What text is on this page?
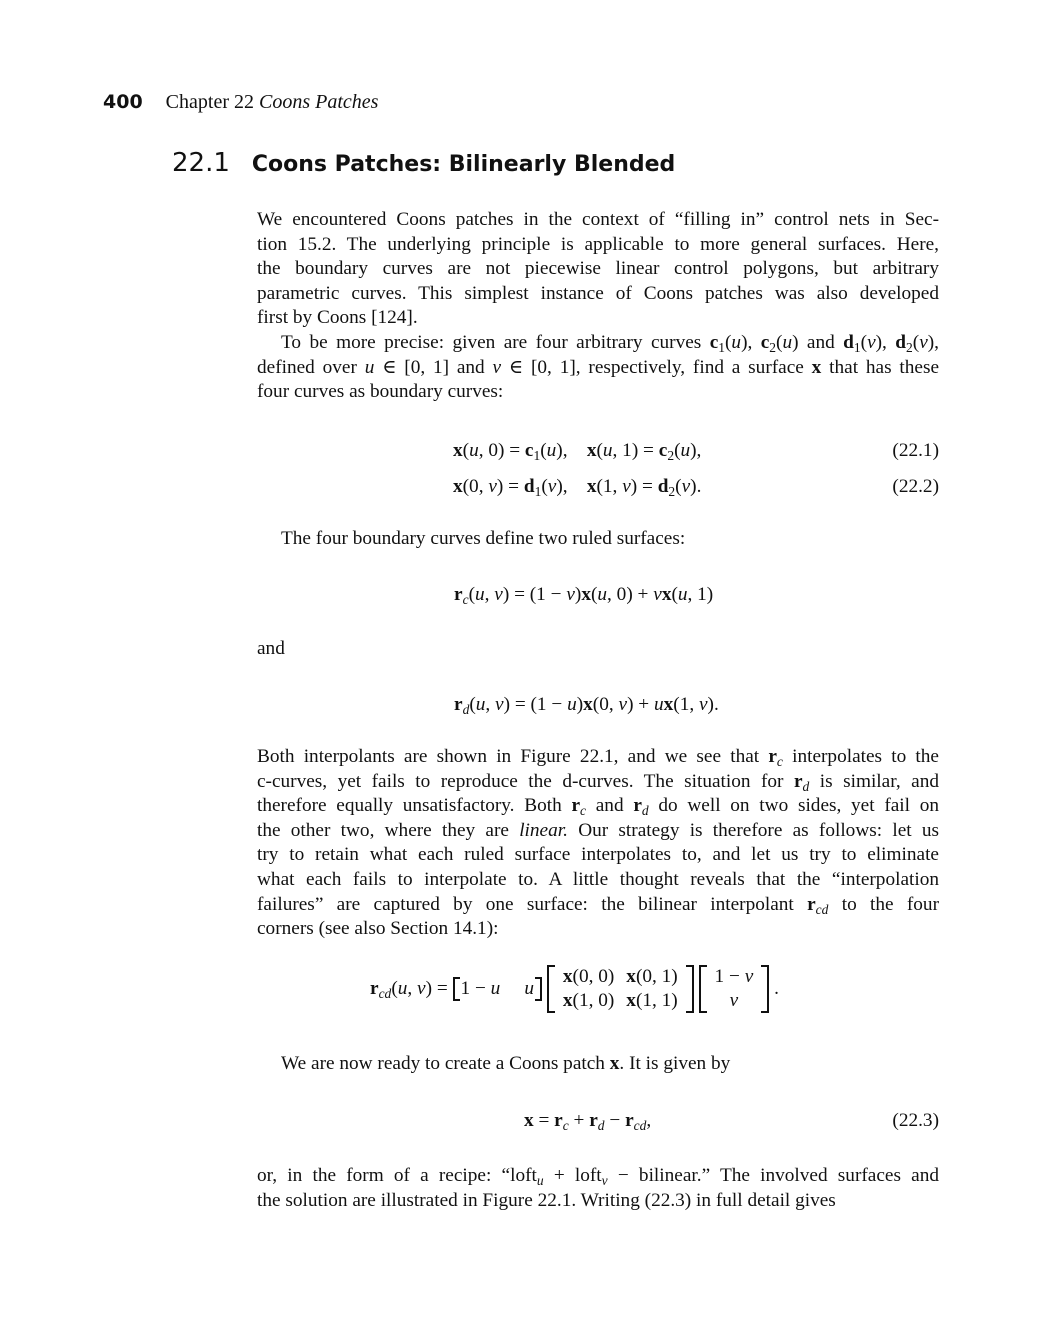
400 Chapter 22 Coons Patches
22.1 Coons Patches: Bilinearly Blended
We encountered Coons patches in the context of “filling in” control nets in Sec-
tion 15.2. The underlying principle is applicable to more general surfaces. Here,
the boundary curves are not piecewise linear control polygons, but arbitrary
parametric curves. This simplest instance of Coons patches was also developed
first by Coons [124].
To be more precise: given are four arbitrary curves $c_1(u)$, $c_2(u)$ and $d_1(v)$, $d_2(v)$,
defined over u ∈ [0, 1] and v ∈ [0, 1], respectively, find a surface x that has these
four curves as boundary curves:
x(u, $0) = c_1(u)$,    x(u, $1) = c_2(u)$,	(22.1)
x(0, $v) = d_1(v)$,    x(1, $v) = d_2(v)$.	(22.2)
The four boundary curves define two ruled surfaces:
$r_c(u$, v) = (1 − v)x(u, 0) + vx(u, 1)
and
$r_d(u$, v) = (1 − u)x(0, v) + ux(1, v).
Both interpolants are shown in Figure 22.1, and we see that $r_c$ interpolates to the
c-curves, yet fails to reproduce the d-curves. The situation for $r_d$ is similar, and
therefore equally unsatisfactory. Both $r_c$ and $r_d$ do well on two sides, yet fail on
the other two, where they are linear. Our strategy is therefore as follows: let us
try to retain what each ruled surface interpolates to, and let us try to eliminate
what each fails to interpolate to. A little thought reveals that the “interpolation
failures” are captured by one surface: the bilinear interpolant $r_{cd}$ to the four
corners (see also Section 14.1):
$r_{cd}(u$, v) = 1 − u u
x(0, 0)	x(0, 1)
x(1, 0)	x(1, 1)

1 − v
v
.
We are now ready to create a Coons patch x. It is given by
$x = r_c + r_d - r_{cd}$,	(22.3)
or, in the form of a recipe: “loft$_u$ + loft$_v$ − bilinear.” The involved surfaces and
the solution are illustrated in Figure 22.1. Writing (22.3) in full detail gives
